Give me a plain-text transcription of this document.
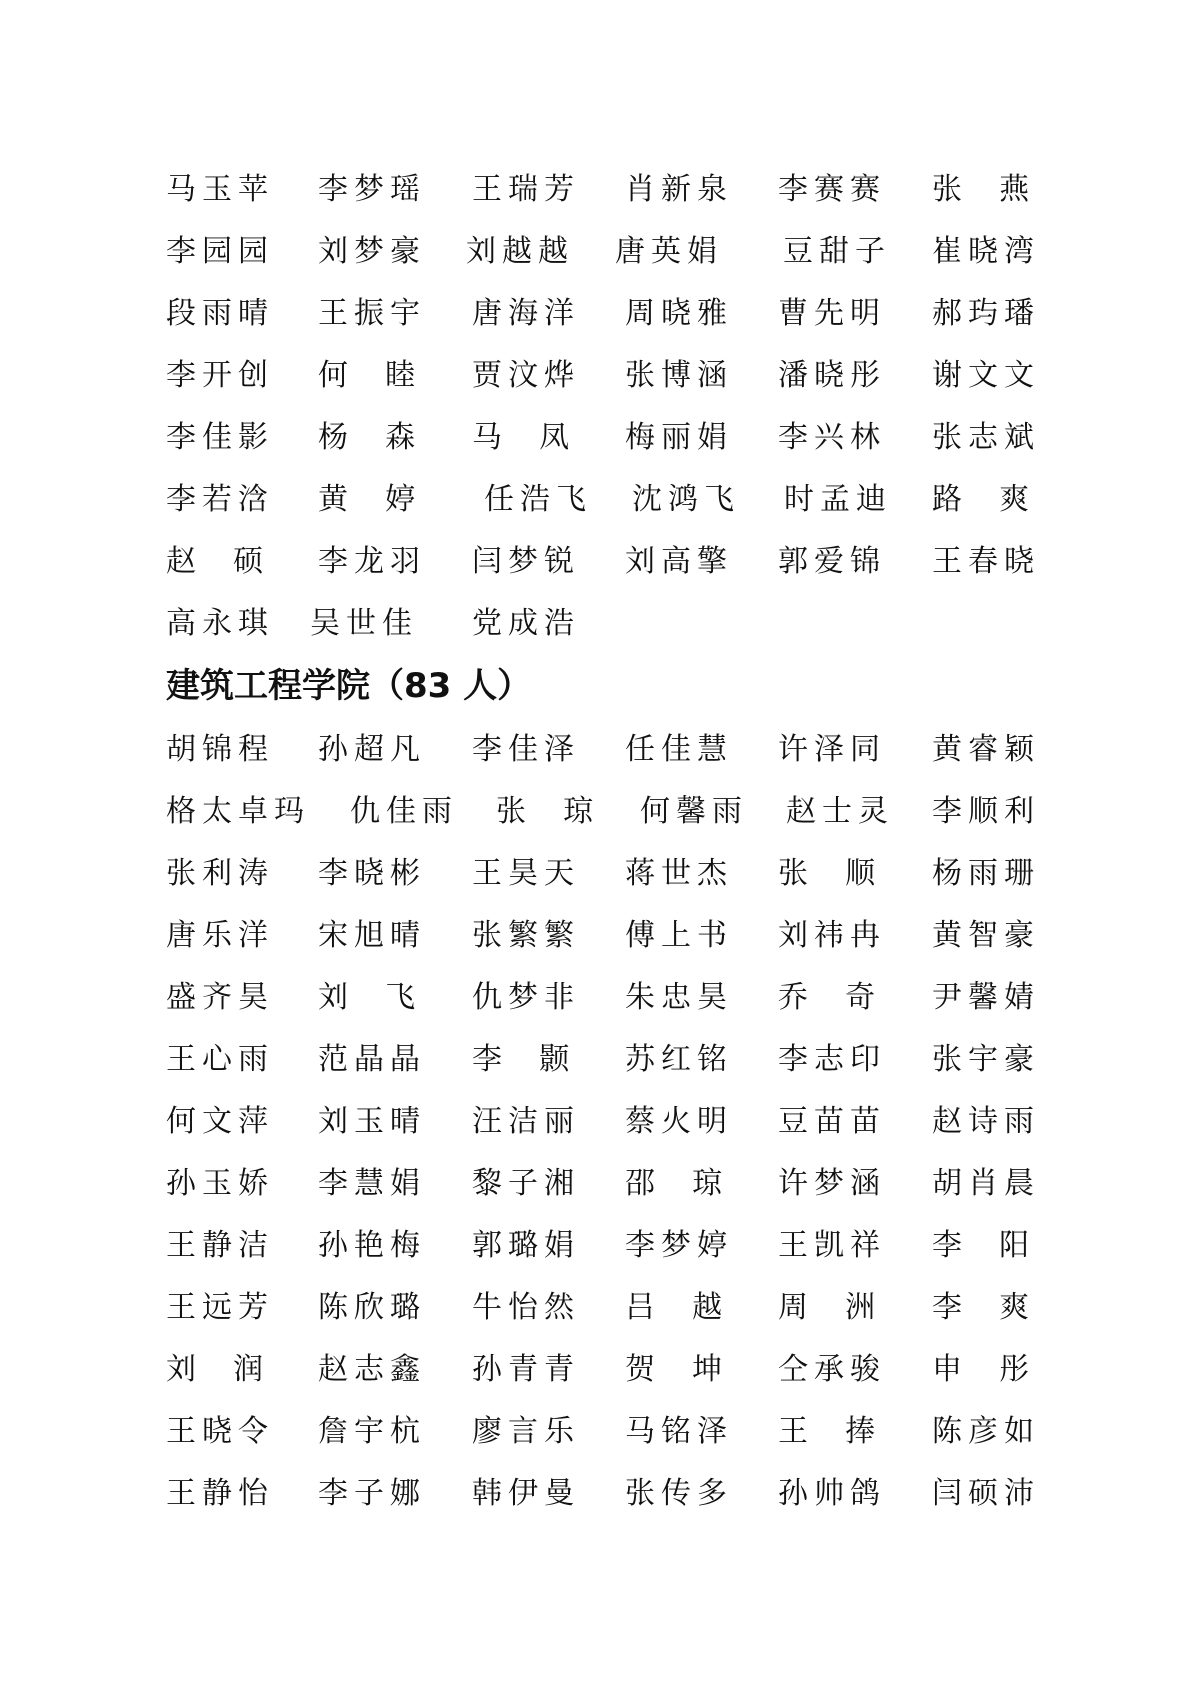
马玉苹 李梦瑶 王瑞芳 肖新泉 李赛赛 张  燕
李园园 刘梦豪 刘越越 唐英娟 豆甜子 崔晓湾
段雨晴 王振宇 唐海洋 周晓雅 曹先明 郝玙璠
李开创 何  睦 贾汶烨 张博涵 潘晓彤 谢文文
李佳影 杨  森 马  凤 梅丽娟 李兴林 张志斌
李若浛 黄  婷 任浩飞 沈鸿飞 时孟迪 路  爽
赵  硕 李龙羽 闫梦锐 刘高擎 郭爱锦 王春晓
高永琪 吴世佳 党成浩
建筑工程学院（83 人）
胡锦程 孙超凡 李佳泽 任佳慧 许泽同 黄睿颖
格太卓玛 仇佳雨 张  琼 何馨雨 赵士灵 李顺利
张利涛 李晓彬 王昊天 蒋世杰 张  顺 杨雨珊
唐乐洋 宋旭晴 张繁繁 傅上书 刘祎冉 黄智豪
盛齐昊 刘  飞 仇梦非 朱忠昊 乔  奇 尹馨婧
王心雨 范晶晶 李  颢 苏红铭 李志印 张宇豪
何文萍 刘玉晴 汪洁丽 蔡火明 豆苗苗 赵诗雨
孙玉娇 李慧娟 黎子湘 邵  琼 许梦涵 胡肖晨
王静洁 孙艳梅 郭璐娟 李梦婷 王凯祥 李  阳
王远芳 陈欣璐 牛怡然 吕  越 周  洲 李  爽
刘  润 赵志鑫 孙青青 贺  坤 仝承骏 申  彤
王晓令 詹宇杭 廖言乐 马铭泽 王  捧 陈彦如
王静怡 李子娜 韩伊曼 张传多 孙帅鸽 闫硕沛
